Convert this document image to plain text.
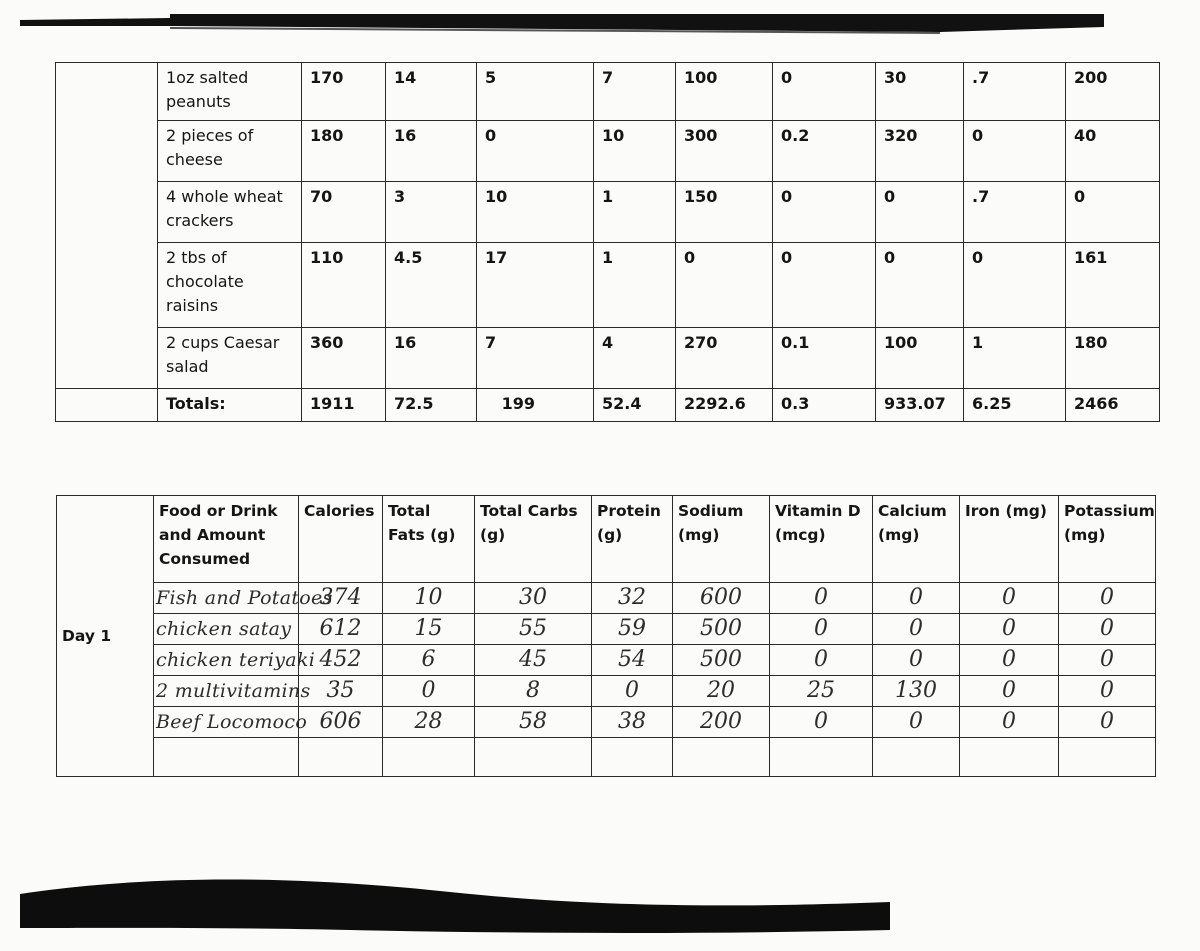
	1oz salted peanuts	170	14	5	7	100	0	30	.7	200
	2 pieces of cheese	180	16	0	10	300	0.2	320	0	40
	4 whole wheat crackers	70	3	10	1	150	0	0	.7	0
	2 tbs of chocolate raisins	110	4.5	17	1	0	0	0	0	161
	2 cups Caesar salad	360	16	7	4	270	0.1	100	1	180
	Totals:	1911	72.5	199	52.4	2292.6	0.3	933.07	6.25	2466
Day 1	Food or Drink and Amount Consumed	Calories	Total Fats (g)	Total Carbs (g)	Protein (g)	Sodium (mg)	Vitamin D (mcg)	Calcium (mg)	Iron (mg)	Potassium (mg)
	Fish and Potatoes	374	10	30	32	600	0	0	0	0
	chicken satay	612	15	55	59	500	0	0	0	0
	chicken teriyaki	452	6	45	54	500	0	0	0	0
	2 multivitamins	35	0	8	0	20	25	130	0	0
	Beef Locomoco	606	28	58	38	200	0	0	0	0
